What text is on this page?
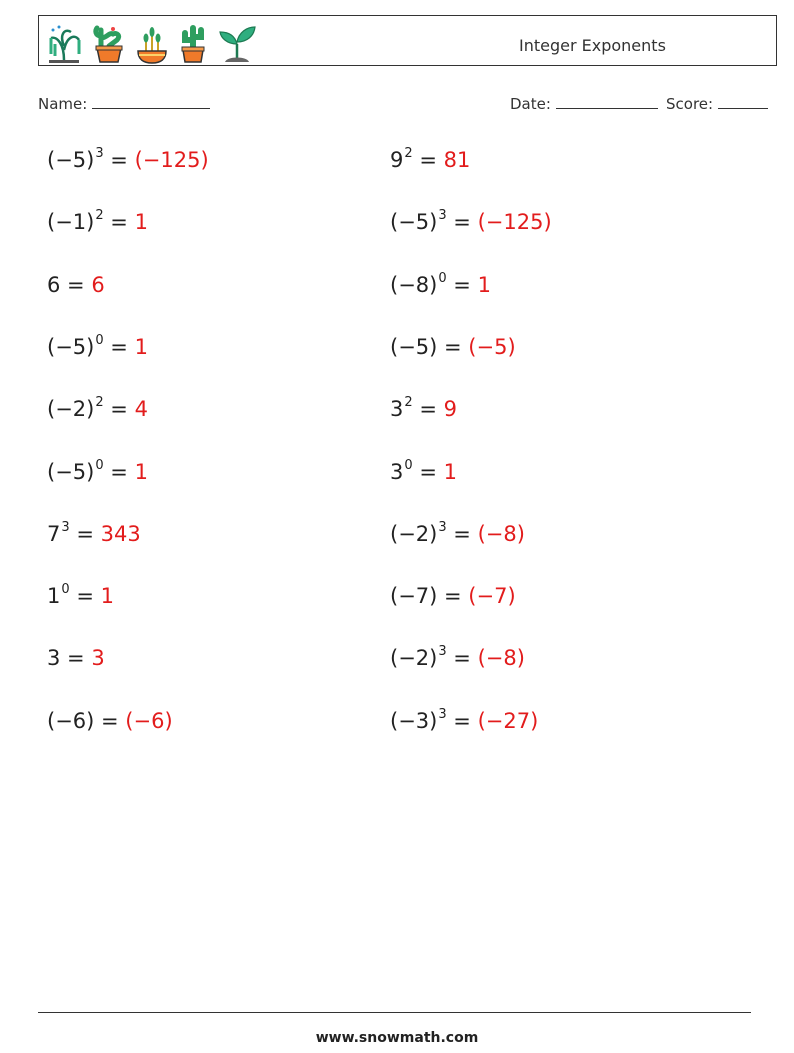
Integer Exponents
Name:	Date:	Score:
$(-5)^3 = (-125)$	$9^2 = 81$
$(-1)^2 = 1$	$(-5)^3 = (-125)$
6 = 6	$(-8)^0 = 1$
$(-5)^0 = 1$	(−5) = (−5)
$(-2)^2 = 4$	$3^2 = 9$
$(-5)^0 = 1$	$3^0 = 1$
$7^3 = 343$	$(-2)^3 = (-8)$
$1^0 = 1$	(−7) = (−7)
3 = 3	$(-2)^3 = (-8)$
(−6) = (−6)	$(-3)^3 = (-27)$
www.snowmath.com
